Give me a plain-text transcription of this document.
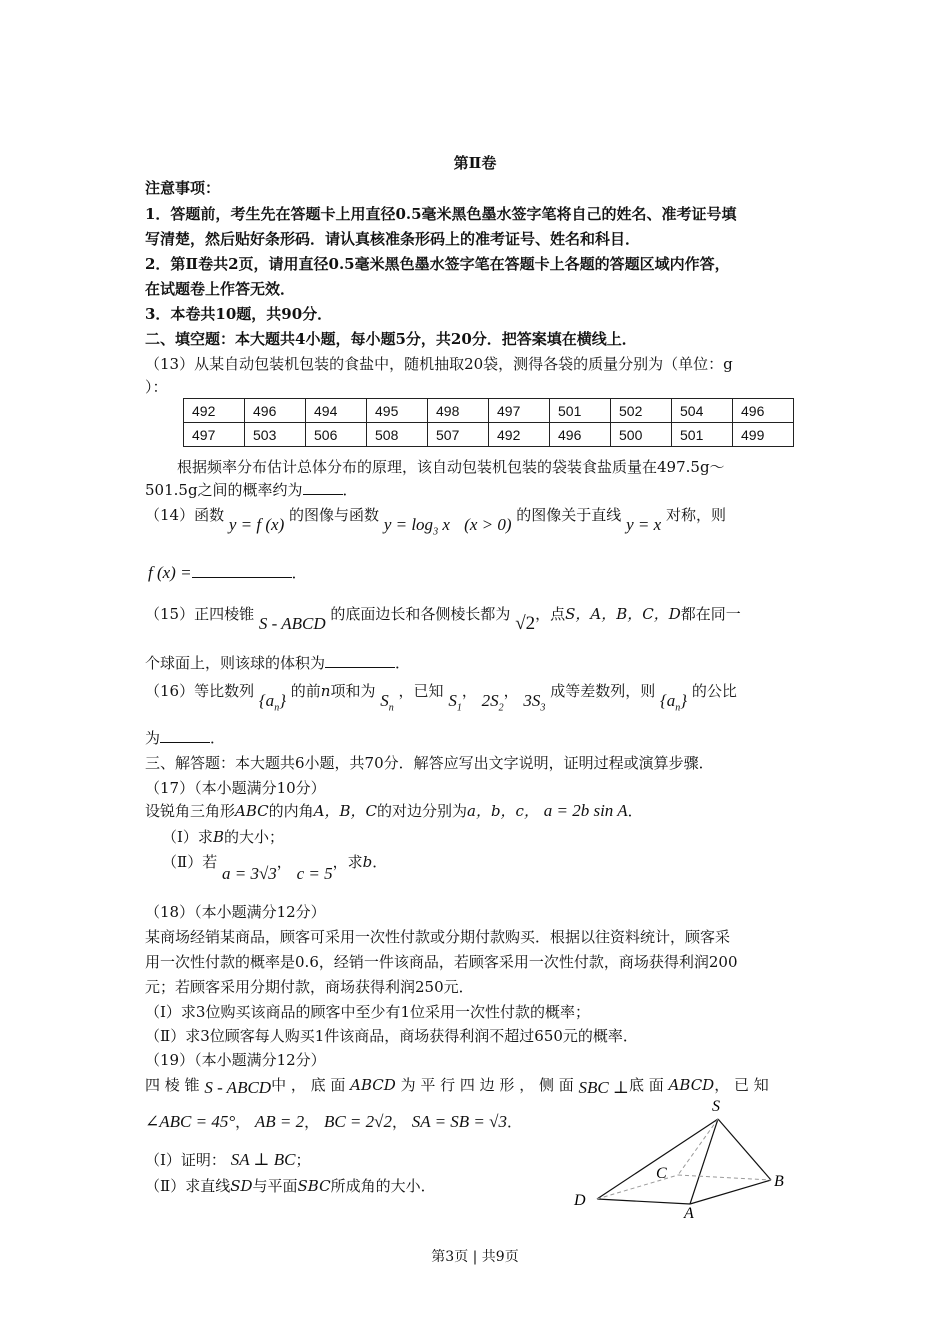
第Ⅱ卷
注意事项：
1．答题前，考生先在答题卡上用直径0.5毫米黑色墨水签字笔将自己的姓名、准考证号填
写清楚，然后贴好条形码．请认真核准条形码上的准考证号、姓名和科目．
2．第Ⅱ卷共2页，请用直径0.5毫米黑色墨水签字笔在答题卡上各题的答题区域内作答，
在试题卷上作答无效．
3．本卷共10题，共90分．
二、填空题：本大题共4小题，每小题5分，共20分．把答案填在横线上．
（13）从某自动包装机包装的食盐中，随机抽取20袋，测得各袋的质量分别为（单位：g
）：
492	496	494	495	498	497	501	502	504	496
497	503	506	508	507	492	496	500	501	499
根据频率分布估计总体分布的原理，该自动包装机包装的袋装食盐质量在497.5g～
501.5g之间的概率约为	．
（14）函数 y = f (x) 的图像与函数 $y = \log_3 x$ (x > 0) 的图像关于直线 y = x 对称，则
f (x) =	．
（15）正四棱锥 S - ABCD 的底面边长和各侧棱长都为 √2，点S，A，B，C，D都在同一
个球面上，则该球的体积为	．
（16）等比数列 $\{a_n\}$ 的前n项和为 $S_n$ ，已知 $S_1$， $2S_2$， $3S_3$ 成等差数列，则 $\{a_n\}$ 的公比
为	．
三、解答题：本大题共6小题，共70分．解答应写出文字说明，证明过程或演算步骤．
（17）（本小题满分10分）
设锐角三角形ABC的内角A，B，C的对边分别为a，b，c， a = 2b sin A．
（Ⅰ）求B的大小；
（Ⅱ）若 a = 3√3， c = 5，求b．
（18）（本小题满分12分）
某商场经销某商品，顾客可采用一次性付款或分期付款购买．根据以往资料统计，顾客采
用一次性付款的概率是0.6，经销一件该商品，若顾客采用一次性付款，商场获得利润200
元；若顾客采用分期付款，商场获得利润250元．
（Ⅰ）求3位购买该商品的顾客中至少有1位采用一次性付款的概率；
（Ⅱ）求3位顾客每人购买1件该商品，商场获得利润不超过650元的概率．
（19）（本小题满分12分）
四 棱 锥 S - ABCD中 ， 底 面 ABCD 为 平 行 四 边 形 ， 侧 面 SBC ⊥底 面 ABCD， 已 知
∠ABC = 45°， AB = 2， BC = 2√2， SA = SB = √3．
（Ⅰ）证明： SA ⊥ BC；
（Ⅱ）求直线SD与平面SBC所成角的大小．
S
C	B
D
A
第3页 | 共9页
